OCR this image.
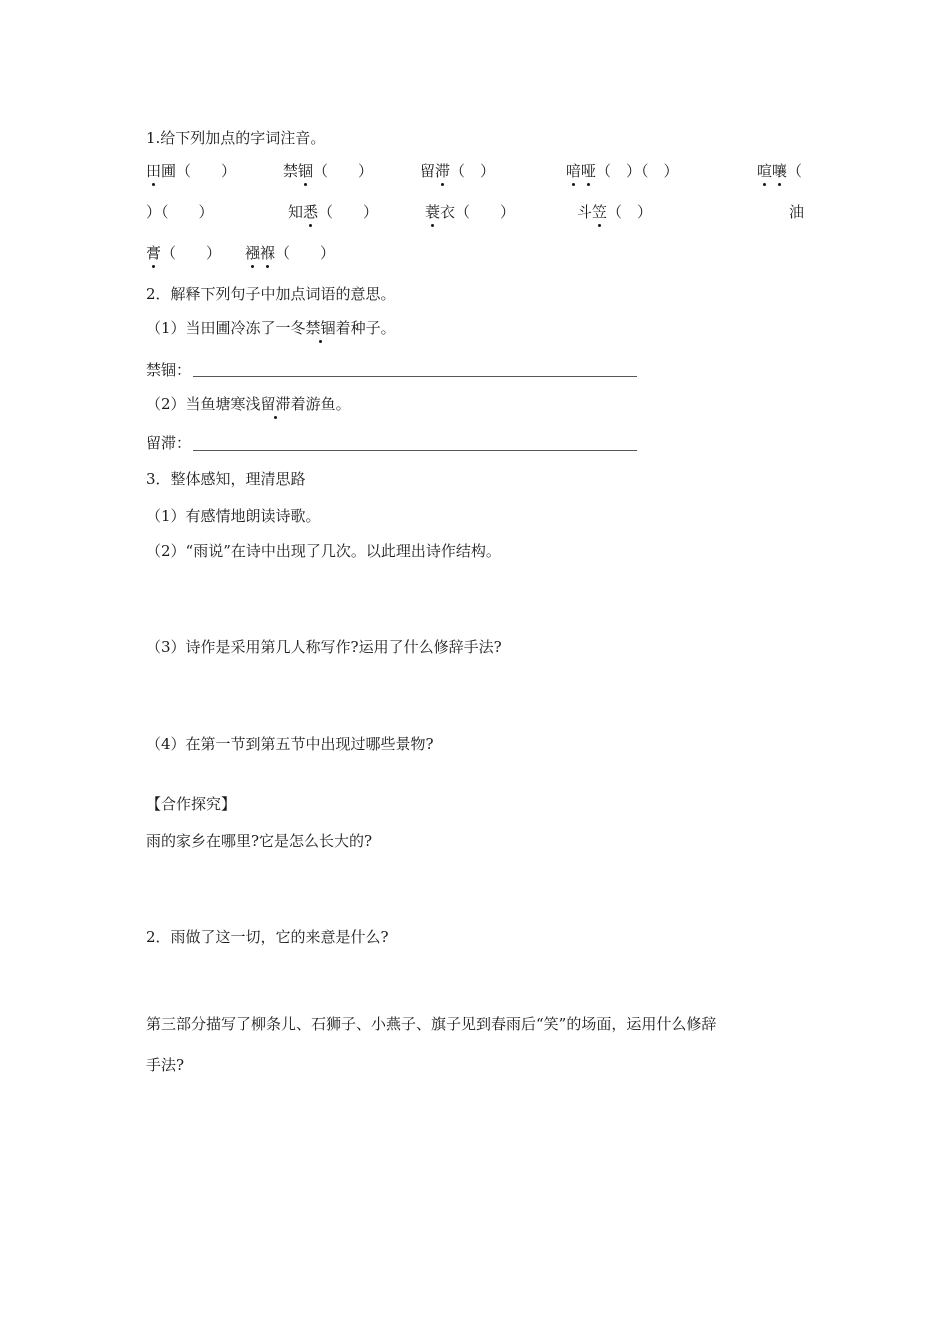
1.给下列加点的字词注音。
田圃（　　）	禁锢（　　）	留滞（　）	喑哑（　）（　）	喧嚷（
）（　　）	知悉（　　）	蓑衣（　　）	斗笠（　）	油
膏（　　） 襁褓（　　）
2．解释下列句子中加点词语的意思。
（1）当田圃冷冻了一冬禁锢着种子。
禁锢：
（2）当鱼塘寒浅留滞着游鱼。
留滞：
3．整体感知，理清思路
（1）有感情地朗读诗歌。
（2）“雨说”在诗中出现了几次。以此理出诗作结构。
（3）诗作是采用第几人称写作?运用了什么修辞手法?
（4）在第一节到第五节中出现过哪些景物?
【合作探究】
雨的家乡在哪里?它是怎么长大的?
2．雨做了这一切，它的来意是什么?
第三部分描写了柳条儿、石狮子、小燕子、旗子见到春雨后“笑”的场面，运用什么修辞
手法?
